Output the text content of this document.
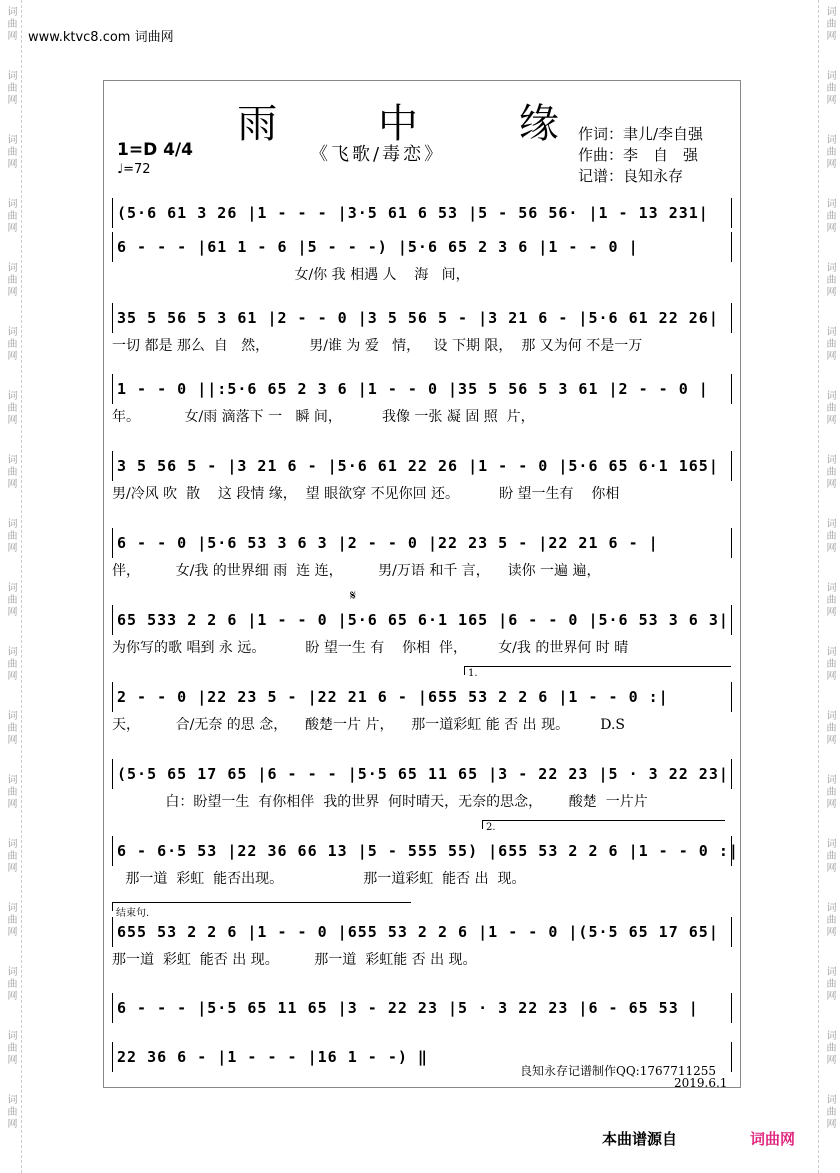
词曲网
词曲网
词曲网
词曲网
词曲网
词曲网
词曲网
词曲网
词曲网
词曲网
词曲网
词曲网
词曲网
词曲网
词曲网
词曲网
词曲网
词曲网
词曲网
词曲网
词曲网
词曲网
词曲网
词曲网
词曲网
词曲网
词曲网
词曲网
词曲网
词曲网
词曲网
词曲网
词曲网
词曲网
词曲网
词曲网
www.ktvc8.com 词曲网
雨 中 缘
《飞歌/毒恋》
作词：聿儿/李自强
作曲：李　自　强
记谱：良知永存
1=D 4/4
♩=72
(5·6 61 3 26 |1 - - - |3·5 61 6 53 |5 - 56 56· |1 - 13 231|
6 - - - |61 1 - 6 |5 - - -) |5·6 65 2 3 6 |1 - - 0 |
女/你 我 相遇 人    海   间，
35 5 56 5 3 61 |2 - - 0 |3 5 56 5 - |3 21 6 - |5·6 61 22 26|
一切 都是 那么  自   然，         男/谁 为 爱   情，   设 下期 限，  那 又为何 不是一万
1 - - 0 ||:5·6 65 2 3 6 |1 - - 0 |35 5 56 5 3 61 |2 - - 0 |
年。          女/雨 滴落下 一   瞬 间，         我像 一张 凝 固 照  片，
3 5 56 5 - |3 21 6 - |5·6 61 22 26 |1 - - 0 |5·6 65 6·1 165|
男/冷风 吹  散    这 段情 缘，  望 眼欲穿 不见你回 还。         盼 望一生有    你相
6 - - 0 |5·6 53 3 6 3 |2 - - 0 |22 23 5 - |22 21 6 - |
伴，        女/我 的世界细 雨  连 连，        男/万语 和千 言，    读你 一遍 遍，
65 533 2 2 6 |1 - - 0 |5·6 65 6·1 165 |6 - - 0 |5·6 53 3 6 3|
为你写的歌 唱到 永 远。         盼 望一生 有    你相  伴，       女/我 的世界何 时 晴
2 - - 0 |22 23 5 - |22 21 6 - |655 53 2 2 6 |1 - - 0 :|
天，        合/无奈 的思 念，    酸楚一片 片，    那一道彩虹 能 否 出 现。       D.S
(5·5 65 17 65 |6 - - - |5·5 65 11 65 |3 - 22 23 |5 · 3 22 23|
白：盼望一生  有你相伴  我的世界  何时晴天，无奈的思念，      酸楚  一片片
6 - 6·5 53 |22 36 66 13 |5 - 555 55) |655 53 2 2 6 |1 - - 0 :|
那一道  彩虹  能否出现。                  那一道彩虹  能否 出  现。
655 53 2 2 6 |1 - - 0 |655 53 2 2 6 |1 - - 0 |(5·5 65 17 65|
那一道  彩虹  能否 出 现。        那一道  彩虹能 否 出 现。
6 - - - |5·5 65 11 65 |3 - 22 23 |5 · 3 22 23 |6 - 65 53 |
22 36 6 - |1 - - - |16 1 - -) ‖
1.
2.
结束句.
𝄋
良知永存记谱制作QQ:1767711255
2019.6.1
本曲谱源自	词曲网
